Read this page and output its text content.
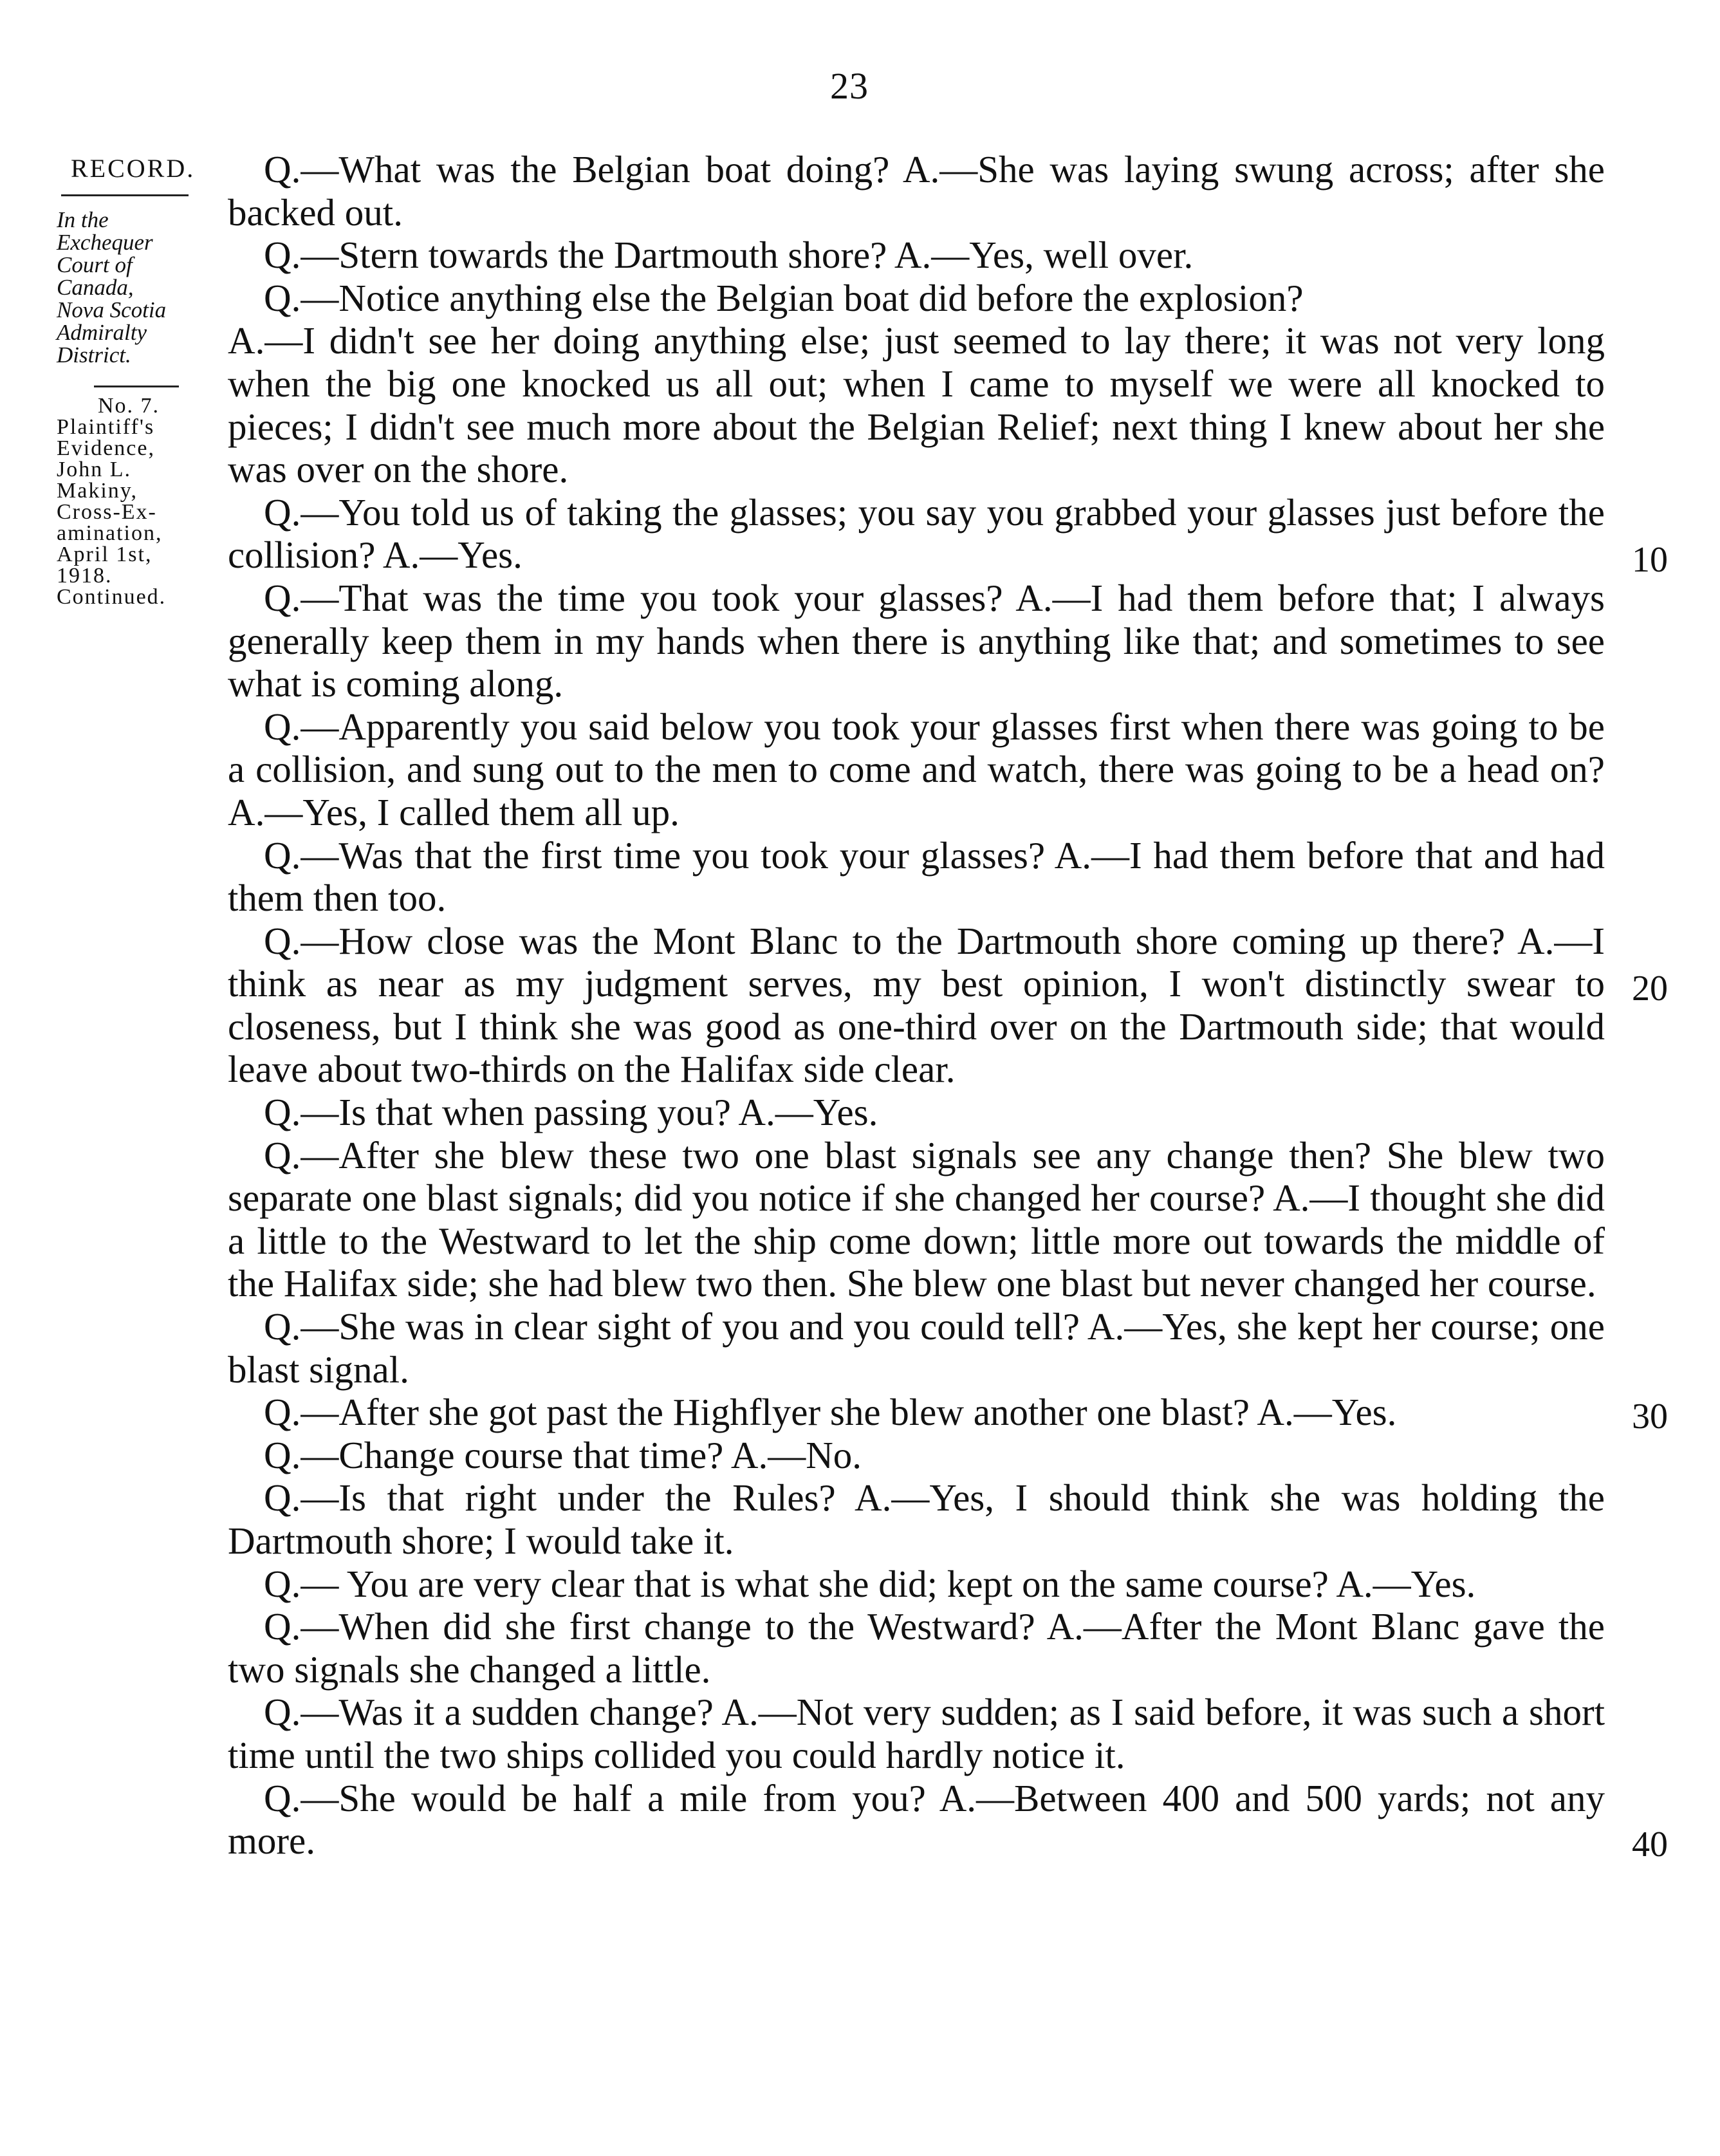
23
RECORD.
In the
Exchequer
Court of
Canada,
Nova Scotia
Admiralty
District.
No. 7.
Plaintiff's
Evidence,
John L.
Makiny,
Cross-Ex-
amination,
April 1st,
1918.
Continued.

Q.—What was the Belgian boat doing? A.—She was laying swung across; after she backed out.

Q.—Stern towards the Dartmouth shore? A.—Yes, well over.

Q.—Notice anything else the Belgian boat did before the explosion?

A.—I didn't see her doing anything else; just seemed to lay there; it was not very long when the big one knocked us all out; when I came to myself we were all knocked to pieces; I didn't see much more about the Belgian Relief; next thing I knew about her she was over on the shore.

Q.—You told us of taking the glasses; you say you grabbed your glasses just before the collision? A.—Yes.

Q.—That was the time you took your glasses? A.—I had them before that; I always generally keep them in my hands when there is anything like that; and sometimes to see what is coming along.

Q.—Apparently you said below you took your glasses first when there was going to be a collision, and sung out to the men to come and watch, there was going to be a head on? A.—Yes, I called them all up.

Q.—Was that the first time you took your glasses? A.—I had them before that and had them then too.

Q.—How close was the Mont Blanc to the Dartmouth shore coming up there? A.—I think as near as my judgment serves, my best opinion, I won't distinctly swear to closeness, but I think she was good as one-third over on the Dartmouth side; that would leave about two-thirds on the Halifax side clear.

Q.—Is that when passing you? A.—Yes.

Q.—After she blew these two one blast signals see any change then? She blew two separate one blast signals; did you notice if she changed her course? A.—I thought she did a little to the Westward to let the ship come down; little more out towards the middle of the Halifax side; she had blew two then. She blew one blast but never changed her course.

Q.—She was in clear sight of you and you could tell? A.—Yes, she kept her course; one blast signal.

Q.—After she got past the Highflyer she blew another one blast? A.—Yes.

Q.—Change course that time? A.—No.

Q.—Is that right under the Rules? A.—Yes, I should think she was holding the Dartmouth shore; I would take it.

Q.— You are very clear that is what she did; kept on the same course? A.—Yes.

Q.—When did she first change to the Westward? A.—After the Mont Blanc gave the two signals she changed a little.

Q.—Was it a sudden change? A.—Not very sudden; as I said before, it was such a short time until the two ships collided you could hardly notice it.

Q.—She would be half a mile from you? A.—Between 400 and 500 yards; not any more.

10
20
30
40
